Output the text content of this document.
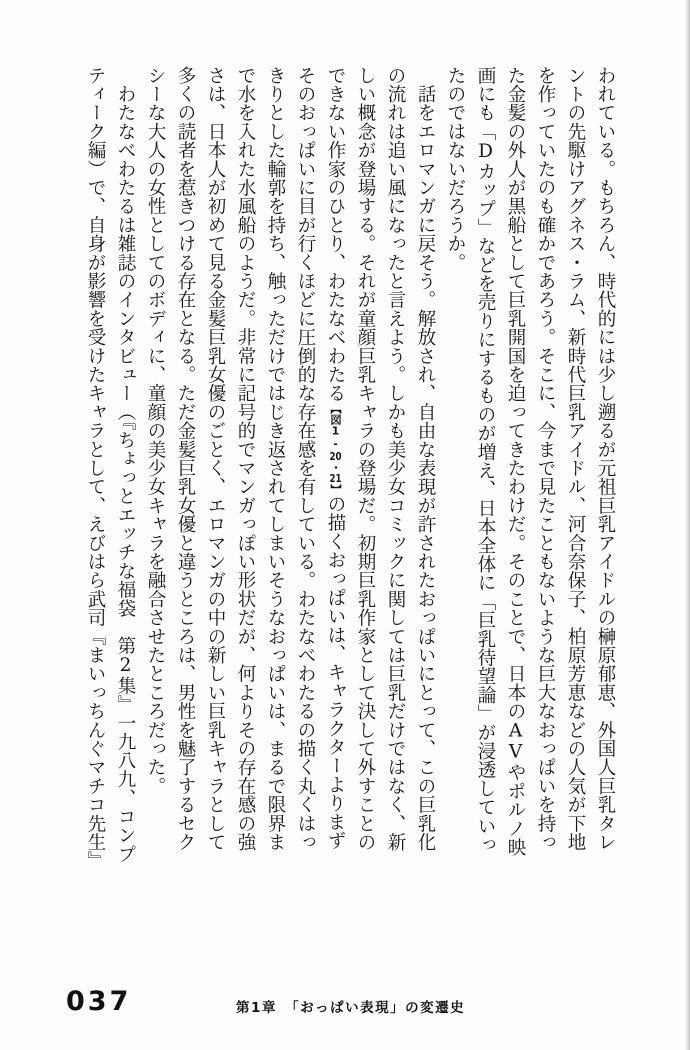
われている。もちろん、時代的には少し遡るが元祖巨乳アイドルの榊原郁恵、外国人巨乳タレ
ントの先駆けアグネス・ラム、新時代巨乳アイドル、河合奈保子、柏原芳恵などの人気が下地
を作っていたのも確かであろう。そこに、今まで見たこともないような巨大なおっぱいを持っ
た金髪の外人が黒船として巨乳開国を迫ってきたわけだ。そのことで、日本のAVやポルノ映
画にも「Dカップ」などを売りにするものが増え、日本全体に「巨乳待望論」が浸透していっ
たのではないだろうか。
　話をエロマンガに戻そう。解放され、自由な表現が許されたおっぱいにとって、この巨乳化
の流れは追い風になったと言えよう。しかも美少女コミックに関しては巨乳だけではなく、新
しい概念が登場する。それが童顔巨乳キャラの登場だ。初期巨乳作家として決して外すことの
できない作家のひとり、わたなべわたる【図1-20・21】の描くおっぱいは、キャラクターよりまず
そのおっぱいに目が行くほどに圧倒的な存在感を有している。わたなべわたるの描く丸くはっ
きりとした輪郭を持ち、触っただけではじき返されてしまいそうなおっぱいは、まるで限界ま
で水を入れた水風船のようだ。非常に記号的でマンガっぽい形状だが、何よりその存在感の強
さは、日本人が初めて見る金髪巨乳女優のごとく、エロマンガの中の新しい巨乳キャラとして
多くの読者を惹きつける存在となる。ただ金髪巨乳女優と違うところは、男性を魅了するセク
シーな大人の女性としてのボディに、童顔の美少女キャラを融合させたところだった。
　わたなべわたるは雑誌のインタビュー（『ちょっとエッチな福袋　第2集』一九八九、コンプ
ティーク編）で、自身が影響を受けたキャラとして、えびはら武司『まいっちんぐマチコ先生』
037	第1章　「おっぱい表現」の変遷史
